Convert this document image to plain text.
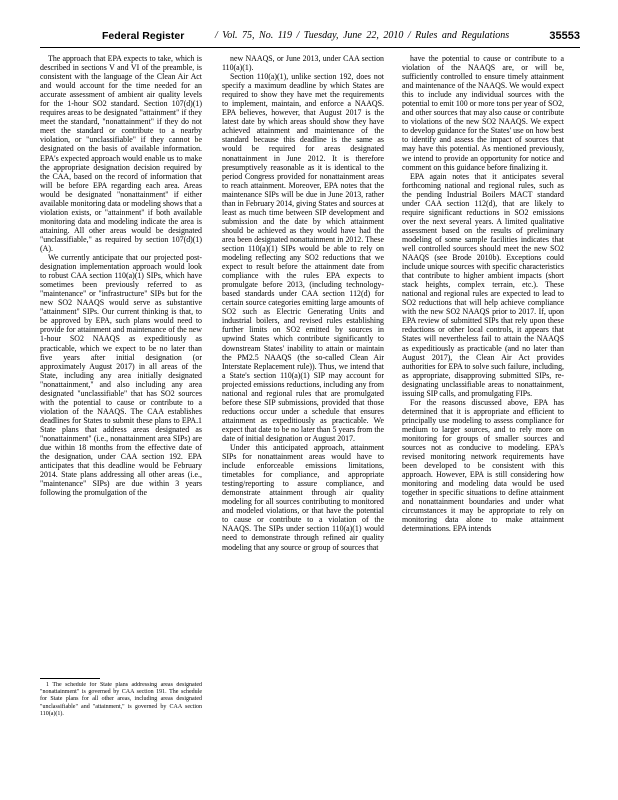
Federal Register	/ Vol. 75, No. 119 / Tuesday, June 22, 2010 / Rules and Regulations	35553

The approach that EPA expects to take, which is described in sections V and VI of the preamble, is consistent with the language of the Clean Air Act and would account for the time needed for an accurate assessment of ambient air quality levels for the 1-hour SO2 standard. Section 107(d)(1) requires areas to be designated "attainment" if they meet the standard, "nonattainment" if they do not meet the standard or contribute to a nearby violation, or "unclassifiable" if they cannot be designated on the basis of available information. EPA's expected approach would enable us to make the appropriate designation decision required by the CAA, based on the record of information that will be before EPA regarding each area. Areas would be designated "nonattainment" if either available monitoring data or modeling shows that a violation exists, or "attainment" if both available monitoring data and modeling indicate the area is attaining. All other areas would be designated "unclassifiable," as required by section 107(d)(1)(A).

We currently anticipate that our projected post-designation implementation approach would look to robust CAA section 110(a)(1) SIPs, which have sometimes been previously referred to as "maintenance" or "infrastructure" SIPs but for the new SO2 NAAQS would serve as substantive "attainment" SIPs. Our current thinking is that, to be approved by EPA, such plans would need to provide for attainment and maintenance of the new 1-hour SO2 NAAQS as expeditiously as practicable, which we expect to be no later than five years after initial designation (or approximately August 2017) in all areas of the State, including any area initially designated "nonattainment," and also including any area designated "unclassifiable" that has SO2 sources with the potential to cause or contribute to a violation of the NAAQS. The CAA establishes deadlines for States to submit these plans to EPA.1 State plans that address areas designated as "nonattainment" (i.e., nonattainment area SIPs) are due within 18 months from the effective date of the designation, under CAA section 192. EPA anticipates that this deadline would be February 2014. State plans addressing all other areas (i.e., "maintenance" SIPs) are due within 3 years following the promulgation of the

new NAAQS, or June 2013, under CAA section 110(a)(1).

Section 110(a)(1), unlike section 192, does not specify a maximum deadline by which States are required to show they have met the requirements to implement, maintain, and enforce a NAAQS. EPA believes, however, that August 2017 is the latest date by which areas should show they have achieved attainment and maintenance of the standard because this deadline is the same as would be required for areas designated nonattainment in June 2012. It is therefore presumptively reasonable as it is identical to the period Congress provided for nonattainment areas to reach attainment. Moreover, EPA notes that the maintenance SIPs will be due in June 2013, rather than in February 2014, giving States and sources at least as much time between SIP development and submission and the date by which attainment should be achieved as they would have had the area been designated nonattainment in 2012. These section 110(a)(1) SIPs would be able to rely on modeling reflecting any SO2 reductions that we expect to result before the attainment date from compliance with the rules EPA expects to promulgate before 2013, (including technology-based standards under CAA section 112(d) for certain source categories emitting large amounts of SO2 such as Electric Generating Units and industrial boilers, and revised rules establishing further limits on SO2 emitted by sources in upwind States which contribute significantly to downstream States' inability to attain or maintain the PM2.5 NAAQS (the so-called Clean Air Interstate Replacement rule)). Thus, we intend that a State's section 110(a)(1) SIP may account for projected emissions reductions, including any from national and regional rules that are promulgated before these SIP submissions, provided that those reductions occur under a schedule that ensures attainment as expeditiously as practicable. We expect that date to be no later than 5 years from the date of initial designation or August 2017.

Under this anticipated approach, attainment SIPs for nonattainment areas would have to include enforceable emissions limitations, timetables for compliance, and appropriate testing/reporting to assure compliance, and demonstrate attainment through air quality modeling for all sources contributing to monitored and modeled violations, or that have the potential to cause or contribute to a violation of the NAAQS. The SIPs under section 110(a)(1) would need to demonstrate through refined air quality modeling that any source or group of sources that

have the potential to cause or contribute to a violation of the NAAQS are, or will be, sufficiently controlled to ensure timely attainment and maintenance of the NAAQS. We would expect this to include any individual sources with the potential to emit 100 or more tons per year of SO2, and other sources that may also cause or contribute to violations of the new SO2 NAAQS. We expect to develop guidance for the States' use on how best to identify and assess the impact of sources that may have this potential. As mentioned previously, we intend to provide an opportunity for notice and comment on this guidance before finalizing it.

EPA again notes that it anticipates several forthcoming national and regional rules, such as the pending Industrial Boilers MACT standard under CAA section 112(d), that are likely to require significant reductions in SO2 emissions over the next several years. A limited qualitative assessment based on the results of preliminary modeling of some sample facilities indicates that well controlled sources should meet the new SO2 NAAQS (see Brode 2010b). Exceptions could include unique sources with specific characteristics that contribute to higher ambient impacts (short stack heights, complex terrain, etc.). These national and regional rules are expected to lead to SO2 reductions that will help achieve compliance with the new SO2 NAAQS prior to 2017. If, upon EPA review of submitted SIPs that rely upon these reductions or other local controls, it appears that States will nevertheless fail to attain the NAAQS as expeditiously as practicable (and no later than August 2017), the Clean Air Act provides authorities for EPA to solve such failure, including, as appropriate, disapproving submitted SIPs, re-designating unclassifiable areas to nonattainment, issuing SIP calls, and promulgating FIPs.

For the reasons discussed above, EPA has determined that it is appropriate and efficient to principally use modeling to assess compliance for medium to larger sources, and to rely more on monitoring for groups of smaller sources and sources not as conducive to modeling. EPA's revised monitoring network requirements have been developed to be consistent with this approach. However, EPA is still considering how monitoring and modeling data would be used together in specific situations to define attainment and nonattainment boundaries and under what circumstances it may be appropriate to rely on monitoring data alone to make attainment determinations. EPA intends

1 The schedule for State plans addressing areas designated "nonattainment" is governed by CAA section 191. The schedule for State plans for all other areas, including areas designated "unclassifiable" and "attainment," is governed by CAA section 110(a)(1).
